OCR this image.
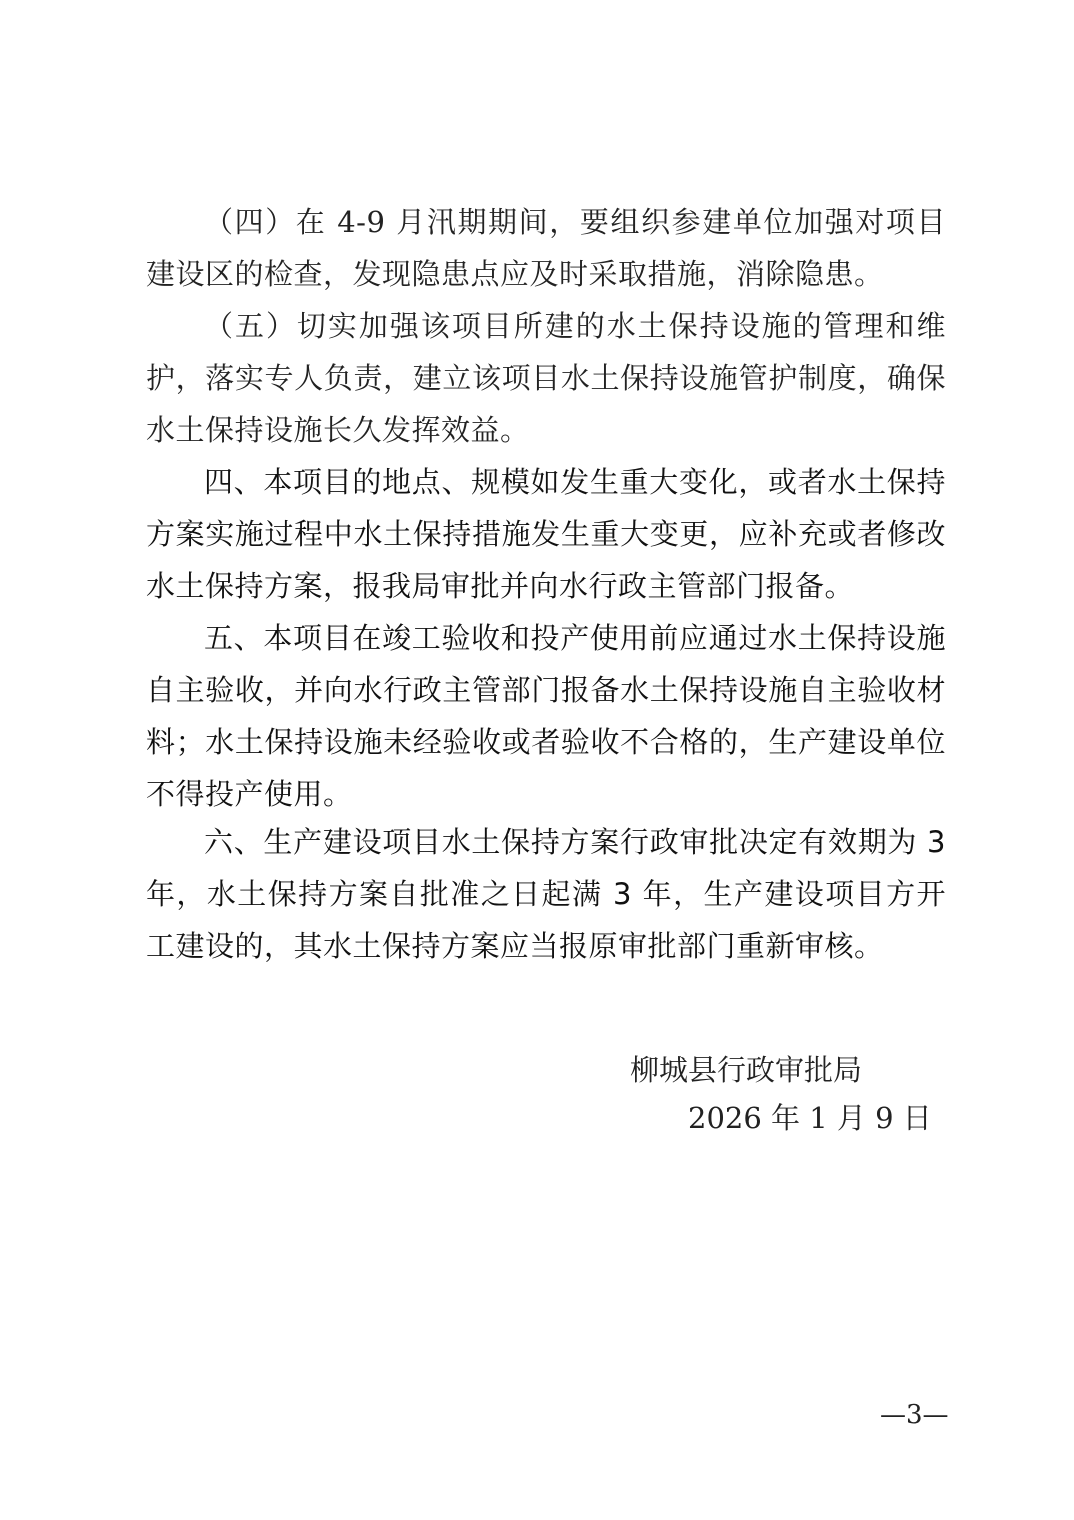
（四）在 4-9 月汛期期间，要组织参建单位加强对项目建设区的检查，发现隐患点应及时采取措施，消除隐患。

（五）切实加强该项目所建的水土保持设施的管理和维护，落实专人负责，建立该项目水土保持设施管护制度，确保水土保持设施长久发挥效益。

四、本项目的地点、规模如发生重大变化，或者水土保持方案实施过程中水土保持措施发生重大变更，应补充或者修改水土保持方案，报我局审批并向水行政主管部门报备。

五、本项目在竣工验收和投产使用前应通过水土保持设施自主验收，并向水行政主管部门报备水土保持设施自主验收材料；水土保持设施未经验收或者验收不合格的，生产建设单位不得投产使用。

六、生产建设项目水土保持方案行政审批决定有效期为 3 年，水土保持方案自批准之日起满 3 年，生产建设项目方开工建设的，其水土保持方案应当报原审批部门重新审核。

柳城县行政审批局
2026 年 1 月 9 日
—3—
